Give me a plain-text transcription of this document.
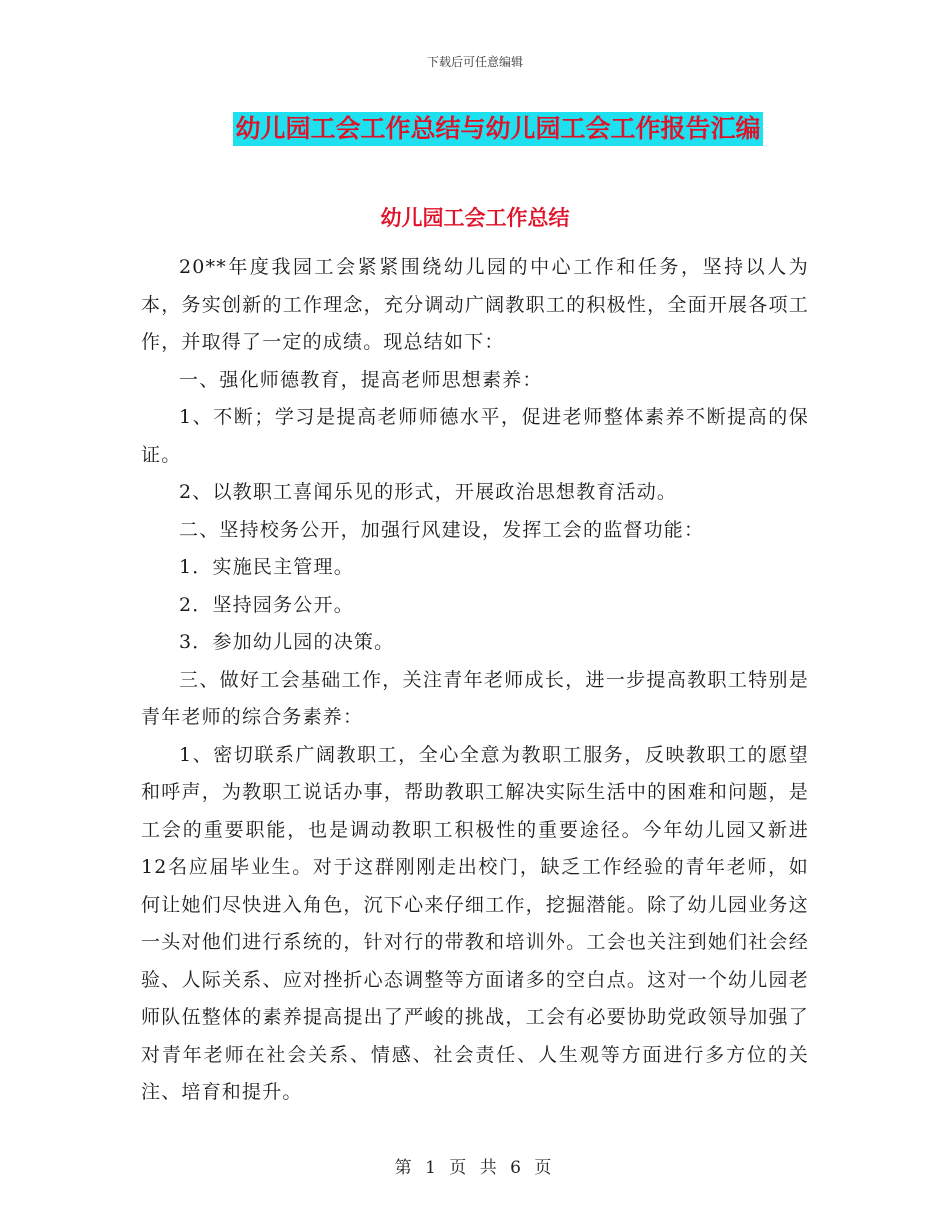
下载后可任意编辑
幼儿园工会工作总结与幼儿园工会工作报告汇编
幼儿园工会工作总结

20**年度我园工会紧紧围绕幼儿园的中心工作和任务，坚持以人为本，务实创新的工作理念，充分调动广阔教职工的积极性，全面开展各项工作，并取得了一定的成绩。现总结如下：

一、强化师德教育，提高老师思想素养：

1、不断；学习是提高老师师德水平，促进老师整体素养不断提高的保证。

2、以教职工喜闻乐见的形式，开展政治思想教育活动。

二、坚持校务公开，加强行风建设，发挥工会的监督功能：

1．实施民主管理。

2．坚持园务公开。

3．参加幼儿园的决策。

三、做好工会基础工作，关注青年老师成长，进一步提高教职工特别是青年老师的综合务素养：

1、密切联系广阔教职工，全心全意为教职工服务，反映教职工的愿望和呼声，为教职工说话办事，帮助教职工解决实际生活中的困难和问题，是工会的重要职能，也是调动教职工积极性的重要途径。今年幼儿园又新进12名应届毕业生。对于这群刚刚走出校门，缺乏工作经验的青年老师，如何让她们尽快进入角色，沉下心来仔细工作，挖掘潜能。除了幼儿园业务这一头对他们进行系统的，针对行的带教和培训外。工会也关注到她们社会经验、人际关系、应对挫折心态调整等方面诸多的空白点。这对一个幼儿园老师队伍整体的素养提高提出了严峻的挑战，工会有必要协助党政领导加强了对青年老师在社会关系、情感、社会责任、人生观等方面进行多方位的关注、培育和提升。

第 1 页 共 6 页
